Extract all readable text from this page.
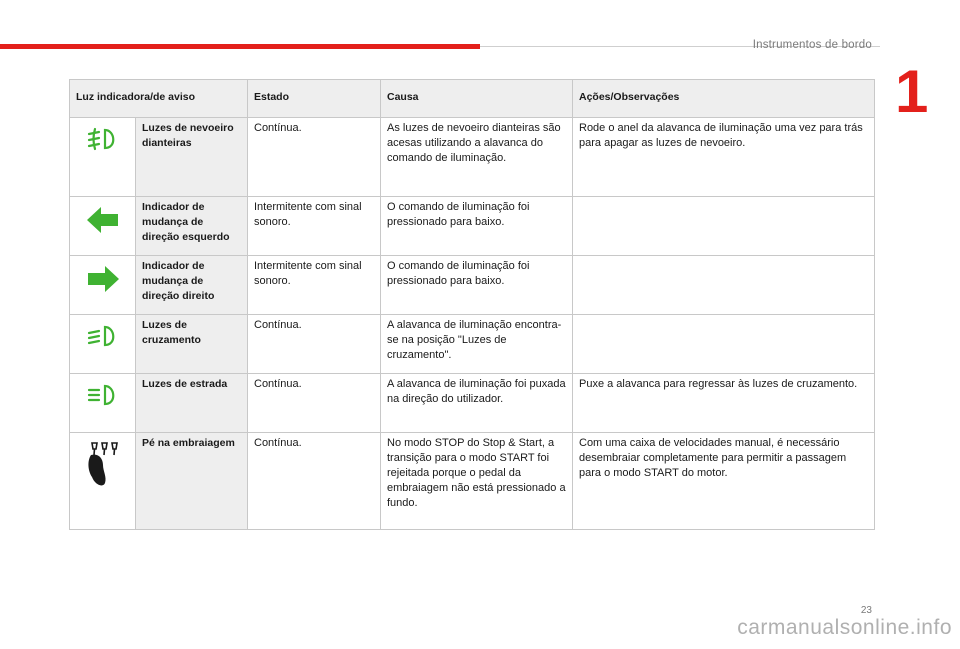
Instrumentos de bordo
1
Luz indicadora/de aviso		Estado	Causa	Ações/Observações

	Luzes de nevoeiro dianteiras	Contínua.	As luzes de nevoeiro dianteiras são acesas utilizando a alavanca do comando de iluminação.	Rode o anel da alavanca de iluminação uma vez para trás para apagar as luzes de nevoeiro.

	Indicador de mudança de direção esquerdo	Intermitente com sinal sonoro.	O comando de iluminação foi pressionado para baixo.	

	Indicador de mudança de direção direito	Intermitente com sinal sonoro.	O comando de iluminação foi pressionado para baixo.	

	Luzes de cruzamento	Contínua.	A alavanca de iluminação encontra-se na posição "Luzes de cruzamento".	

	Luzes de estrada	Contínua.	A alavanca de iluminação foi puxada na direção do utilizador.	Puxe a alavanca para regressar às luzes de cruzamento.

	Pé na embraiagem	Contínua.	No modo STOP do Stop & Start, a transição para o modo START foi rejeitada porque o pedal da embraiagem não está pressionado a fundo.	Com uma caixa de velocidades manual, é necessário desembraiar completamente para permitir a passagem para o modo START do motor.
23
carmanualsonline.info
